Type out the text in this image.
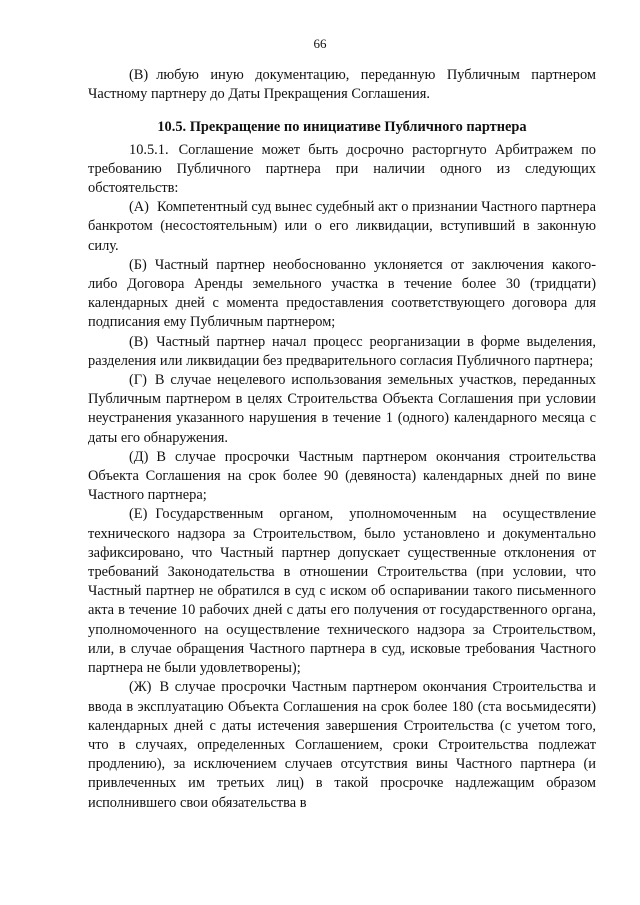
66

(В) любую иную документацию, переданную Публичным партнером Частному партнеру до Даты Прекращения Соглашения.

10.5. Прекращение по инициативе Публичного партнера

10.5.1. Соглашение может быть досрочно расторгнуто Арбитражем по требованию Публичного партнера при наличии одного из следующих обстоятельств:

(А) Компетентный суд вынес судебный акт о признании Частного партнера банкротом (несостоятельным) или о его ликвидации, вступивший в законную силу.

(Б) Частный партнер необоснованно уклоняется от заключения какого-либо Договора Аренды земельного участка в течение более 30 (тридцати) календарных дней с момента предоставления соответствующего договора для подписания ему Публичным партнером;

(В) Частный партнер начал процесс реорганизации в форме выделения, разделения или ликвидации без предварительного согласия Публичного партнера;

(Г) В случае нецелевого использования земельных участков, переданных Публичным партнером в целях Строительства Объекта Соглашения при условии неустранения указанного нарушения в течение 1 (одного) календарного месяца с даты его обнаружения.

(Д) В случае просрочки Частным партнером окончания строительства Объекта Соглашения на срок более 90 (девяноста) календарных дней по вине Частного партнера;

(Е) Государственным органом, уполномоченным на осуществление технического надзора за Строительством, было установлено и документально зафиксировано, что Частный партнер допускает существенные отклонения от требований Законодательства в отношении Строительства (при условии, что Частный партнер не обратился в суд с иском об оспаривании такого письменного акта в течение 10 рабочих дней с даты его получения от государственного органа, уполномоченного на осуществление технического надзора за Строительством, или, в случае обращения Частного партнера в суд, исковые требования Частного партнера не были удовлетворены);

(Ж) В случае просрочки Частным партнером окончания Строительства и ввода в эксплуатацию Объекта Соглашения на срок более 180 (ста восьмидесяти) календарных дней с даты истечения завершения Строительства (с учетом того, что в случаях, определенных Соглашением, сроки Строительства подлежат продлению), за исключением случаев отсутствия вины Частного партнера (и привлеченных им третьих лиц) в такой просрочке надлежащим образом исполнившего свои обязательства в
